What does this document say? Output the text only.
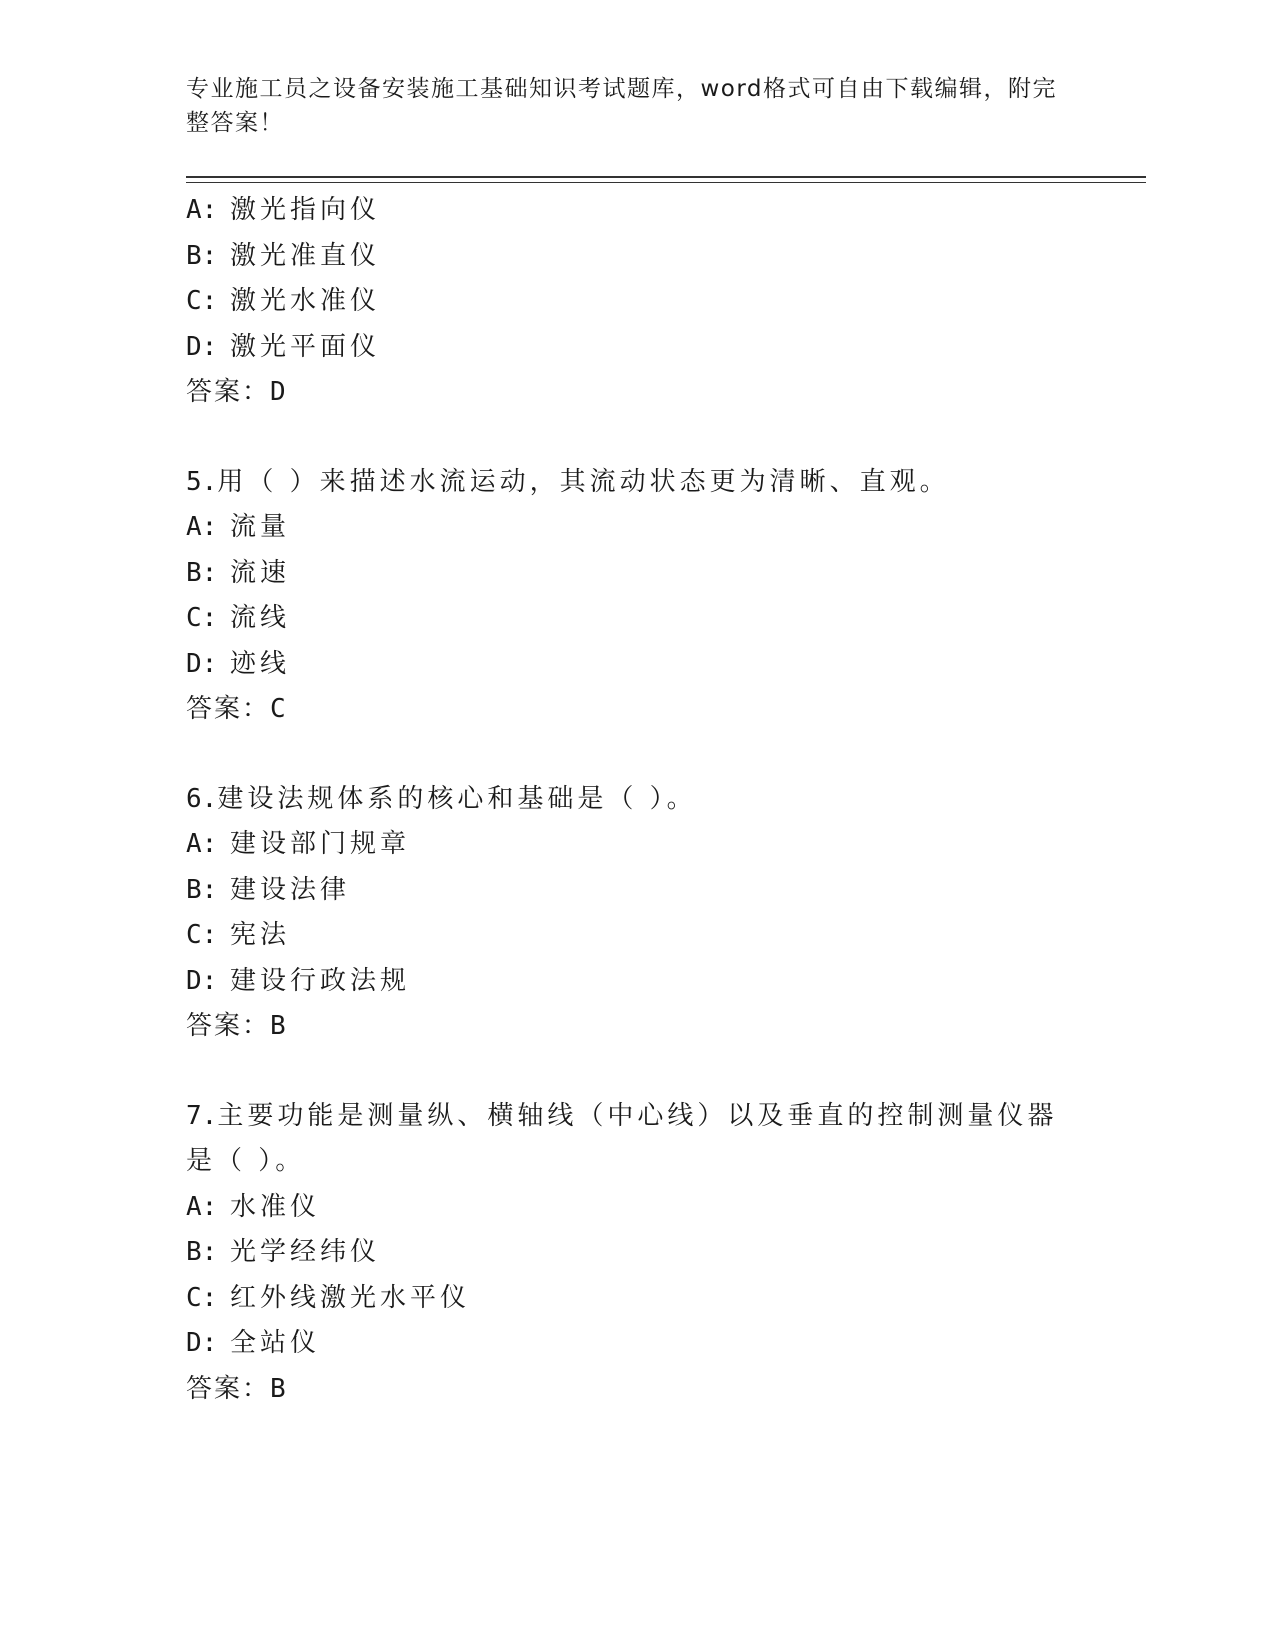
专业施工员之设备安装施工基础知识考试题库，word格式可自由下载编辑，附完整答案！
A: 激光指向仪
B: 激光准直仪
C: 激光水准仪
D: 激光平面仪
答案：D
5.用（ ）来描述水流运动，其流动状态更为清晰、直观。
A: 流量
B: 流速
C: 流线
D: 迹线
答案：C
6.建设法规体系的核心和基础是（ ）。
A: 建设部门规章
B: 建设法律
C: 宪法
D: 建设行政法规
答案：B
7.主要功能是测量纵、横轴线（中心线）以及垂直的控制测量仪器是（ ）。
A: 水准仪
B: 光学经纬仪
C: 红外线激光水平仪
D: 全站仪
答案：B
